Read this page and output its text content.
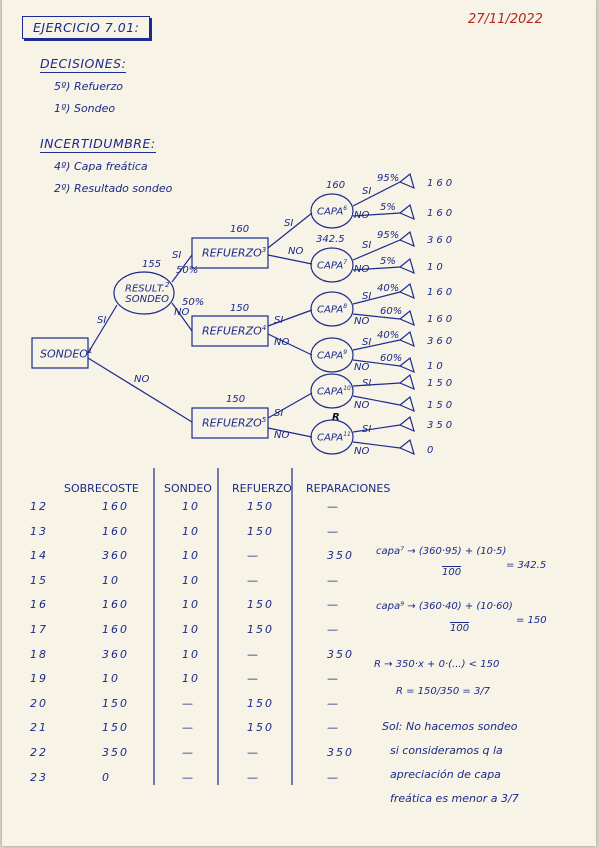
EJERCICIO 7.01:
27/11/2022
DECISIONES:
5º) Refuerzo
1º) Sondeo
INCERTIDUMBRE:
4º) Capa freática
2º) Resultado sondeo
SONDEO$^1$
RESULT.$^2$
SONDEO
155
SI
NO
SI
50%
50%
NO
REFUERZO$^3$
REFUERZO$^4$
REFUERZO$^5$
160
150
150
SI
NO
SI
NO
SI
NO
CAPA$^6$
CAPA$^7$
CAPA$^8$
CAPA$^9$
CAPA$^{10}$
CAPA$^{11}$
160
342.5
R
SI
NO
95%
5%
SI
NO
95%
5%
SI
NO
40%
60%
SI
NO
40%
60%
SI
NO
SI
NO
160
160
360
10
160
160
360
10
150
150
350
0
SOBRECOSTE SONDEO REFUERZO REPARACIONES
12	160	10	150	—
13	160	10	150	—
14	360	10	—	350
15	10	10	—	—
16	160	10	150	—
17	160	10	150	—
18	360	10	—	350
19	10	10	—	—
20	150	—	150	—
21	150	—	150	—
22	350	—	—	350
23	0	—	—	—
capa⁷ → (360·95) + (10·5)
= 342.5
100
capa⁹ → (360·40) + (10·60)
= 150
100
R → 350·x + 0·(...) < 150
R = 150/350 = 3/7
Sol: No hacemos sondeo
si consideramos q la
apreciación de capa
freática es menor a 3/7
